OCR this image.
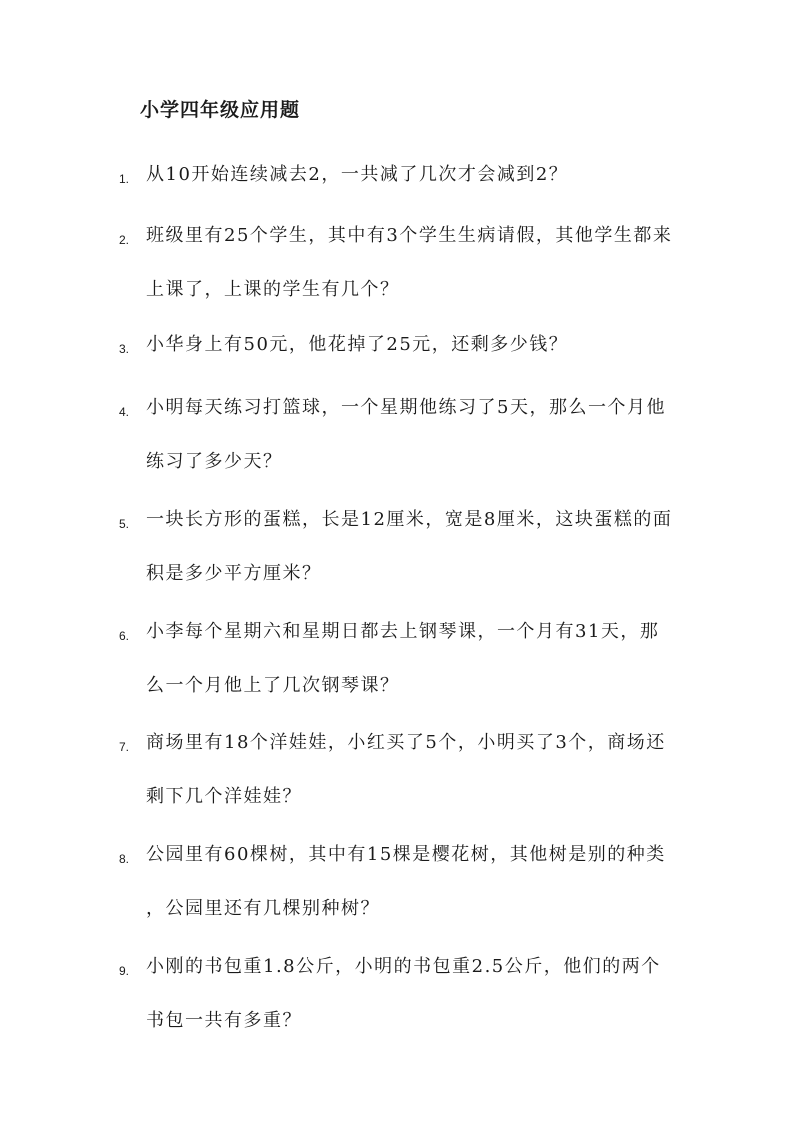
小学四年级应用题
1. 从10开始连续减去2，一共减了几次才会减到2？
2. 班级里有25个学生，其中有3个学生生病请假，其他学生都来
上课了，上课的学生有几个？
3. 小华身上有50元，他花掉了25元，还剩多少钱？
4. 小明每天练习打篮球，一个星期他练习了5天，那么一个月他
练习了多少天？
5. 一块长方形的蛋糕，长是12厘米，宽是8厘米，这块蛋糕的面
积是多少平方厘米？
6. 小李每个星期六和星期日都去上钢琴课，一个月有31天，那
么一个月他上了几次钢琴课？
7. 商场里有18个洋娃娃，小红买了5个，小明买了3个，商场还
剩下几个洋娃娃？
8. 公园里有60棵树，其中有15棵是樱花树，其他树是别的种类
，公园里还有几棵别种树？
9. 小刚的书包重1.8公斤，小明的书包重2.5公斤，他们的两个
书包一共有多重？
